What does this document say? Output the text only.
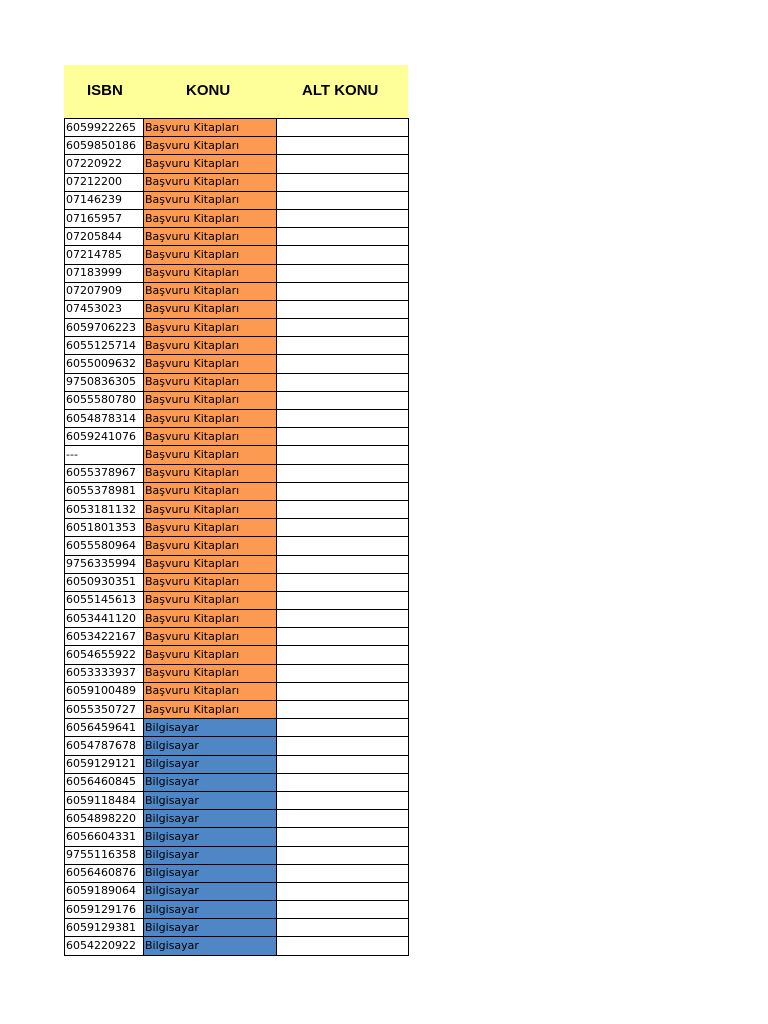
ISBN	KONU	ALT KONU
6059922265	Başvuru Kitapları	
6059850186	Başvuru Kitapları	
07220922	Başvuru Kitapları	
07212200	Başvuru Kitapları	
07146239	Başvuru Kitapları	
07165957	Başvuru Kitapları	
07205844	Başvuru Kitapları	
07214785	Başvuru Kitapları	
07183999	Başvuru Kitapları	
07207909	Başvuru Kitapları	
07453023	Başvuru Kitapları	
6059706223	Başvuru Kitapları	
6055125714	Başvuru Kitapları	
6055009632	Başvuru Kitapları	
9750836305	Başvuru Kitapları	
6055580780	Başvuru Kitapları	
6054878314	Başvuru Kitapları	
6059241076	Başvuru Kitapları	
---	Başvuru Kitapları	
6055378967	Başvuru Kitapları	
6055378981	Başvuru Kitapları	
6053181132	Başvuru Kitapları	
6051801353	Başvuru Kitapları	
6055580964	Başvuru Kitapları	
9756335994	Başvuru Kitapları	
6050930351	Başvuru Kitapları	
6055145613	Başvuru Kitapları	
6053441120	Başvuru Kitapları	
6053422167	Başvuru Kitapları	
6054655922	Başvuru Kitapları	
6053333937	Başvuru Kitapları	
6059100489	Başvuru Kitapları	
6055350727	Başvuru Kitapları	
6056459641	Bilgisayar	
6054787678	Bilgisayar	
6059129121	Bilgisayar	
6056460845	Bilgisayar	
6059118484	Bilgisayar	
6054898220	Bilgisayar	
6056604331	Bilgisayar	
9755116358	Bilgisayar	
6056460876	Bilgisayar	
6059189064	Bilgisayar	
6059129176	Bilgisayar	
6059129381	Bilgisayar	
6054220922	Bilgisayar	
